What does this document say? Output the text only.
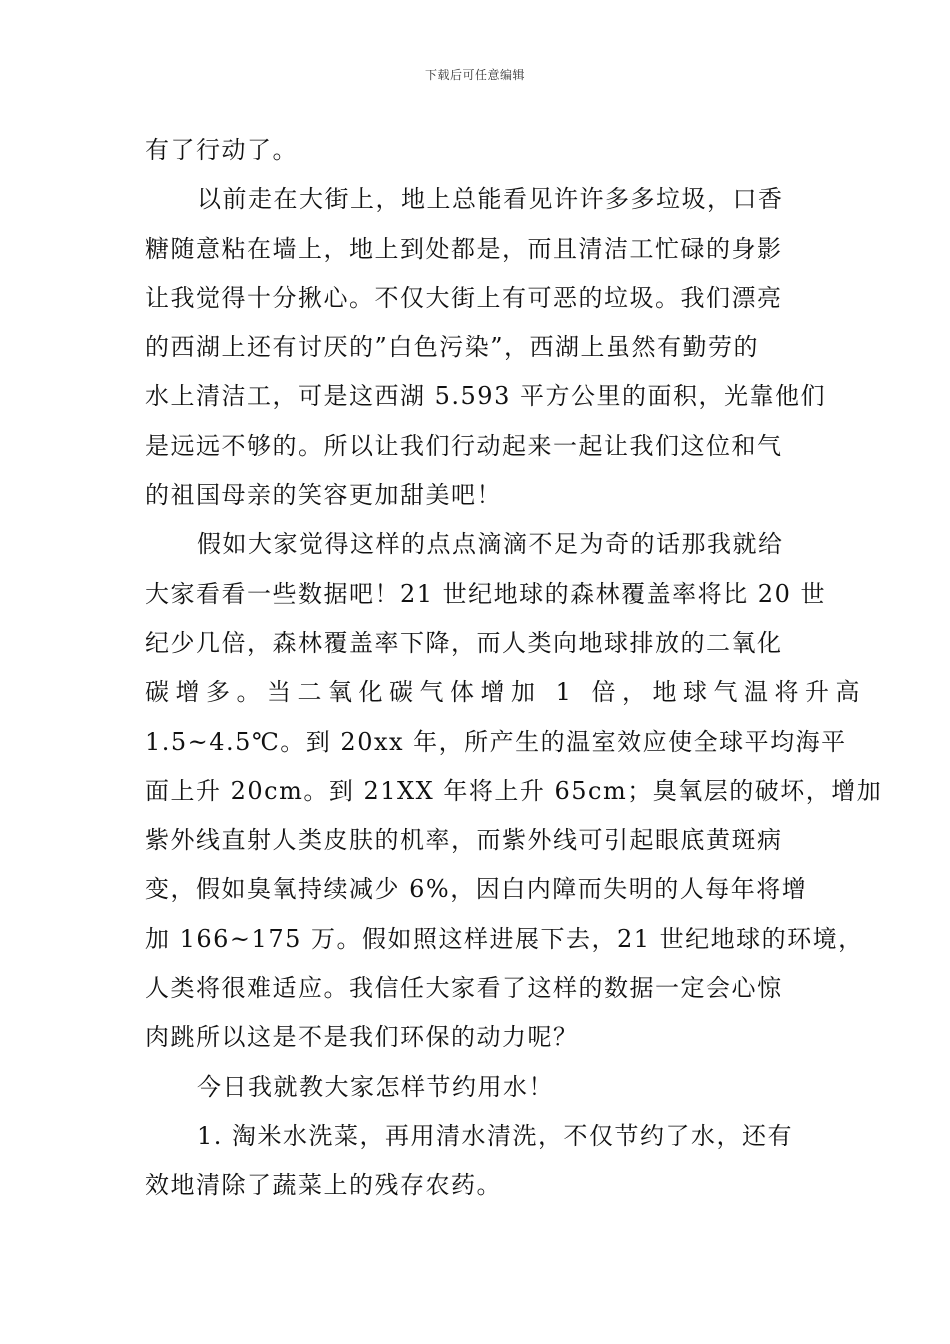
下载后可任意编辑
有了行动了。
以前走在大街上，地上总能看见许许多多垃圾，口香
糖随意粘在墙上，地上到处都是，而且清洁工忙碌的身影
让我觉得十分揪心。不仅大街上有可恶的垃圾。我们漂亮
的西湖上还有讨厌的”白色污染”，西湖上虽然有勤劳的
水上清洁工，可是这西湖 5.593 平方公里的面积，光靠他们
是远远不够的。所以让我们行动起来一起让我们这位和气
的祖国母亲的笑容更加甜美吧！
假如大家觉得这样的点点滴滴不足为奇的话那我就给
大家看看一些数据吧！21 世纪地球的森林覆盖率将比 20 世
纪少几倍，森林覆盖率下降，而人类向地球排放的二氧化
碳增多。当二氧化碳气体增加 1 倍，地球气温将升高
1.5~4.5℃。到 20xx 年，所产生的温室效应使全球平均海平
面上升 20cm。到 21XX 年将上升 65cm；臭氧层的破坏，增加
紫外线直射人类皮肤的机率，而紫外线可引起眼底黄斑病
变，假如臭氧持续减少 6%，因白内障而失明的人每年将增
加 166~175 万。假如照这样进展下去，21 世纪地球的环境，
人类将很难适应。我信任大家看了这样的数据一定会心惊
肉跳所以这是不是我们环保的动力呢？
今日我就教大家怎样节约用水！
1. 淘米水洗菜，再用清水清洗，不仅节约了水，还有
效地清除了蔬菜上的残存农药。
